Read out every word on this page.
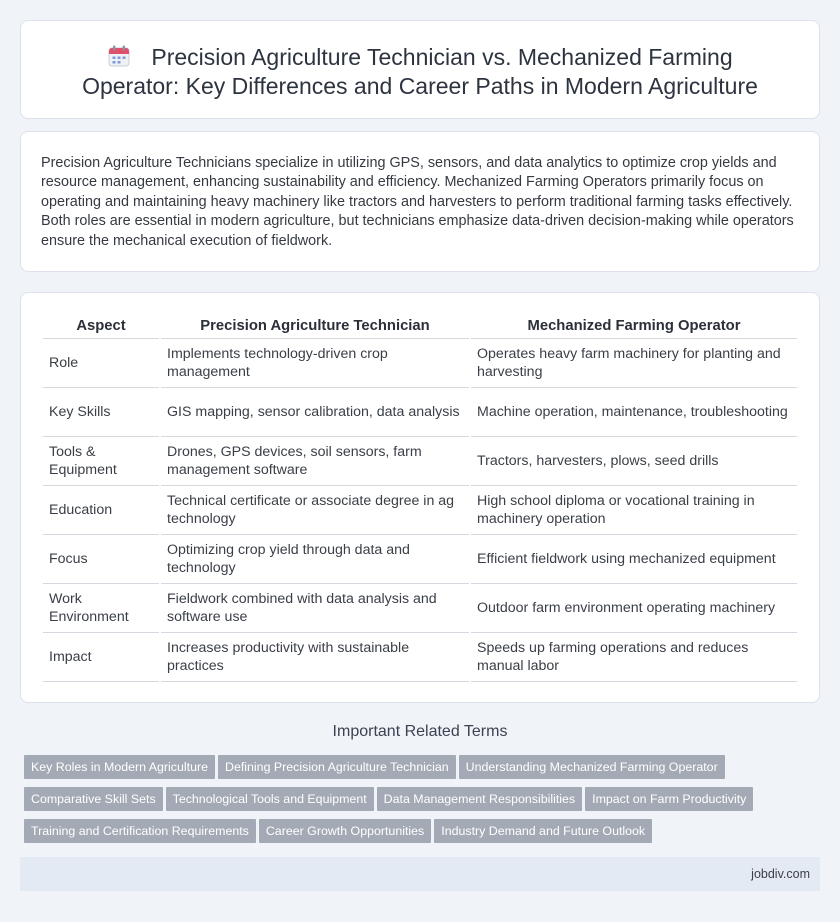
Precision Agriculture Technician vs. Mechanized Farming Operator: Key Differences and Career Paths in Modern Agriculture

Precision Agriculture Technicians specialize in utilizing GPS, sensors, and data analytics to optimize crop yields and resource management, enhancing sustainability and efficiency. Mechanized Farming Operators primarily focus on operating and maintaining heavy machinery like tractors and harvesters to perform traditional farming tasks effectively. Both roles are essential in modern agriculture, but technicians emphasize data-driven decision-making while operators ensure the mechanical execution of fieldwork.

Aspect	Precision Agriculture Technician	Mechanized Farming Operator
Role	Implements technology-driven crop management	Operates heavy farm machinery for planting and harvesting
Key Skills	GIS mapping, sensor calibration, data analysis	Machine operation, maintenance, troubleshooting
Tools & Equipment	Drones, GPS devices, soil sensors, farm management software	Tractors, harvesters, plows, seed drills
Education	Technical certificate or associate degree in ag technology	High school diploma or vocational training in machinery operation
Focus	Optimizing crop yield through data and technology	Efficient fieldwork using mechanized equipment
Work Environment	Fieldwork combined with data analysis and software use	Outdoor farm environment operating machinery
Impact	Increases productivity with sustainable practices	Speeds up farming operations and reduces manual labor
Important Related Terms
Key Roles in Modern Agriculture Defining Precision Agriculture Technician Understanding Mechanized Farming Operator
Comparative Skill Sets Technological Tools and Equipment Data Management Responsibilities Impact on Farm Productivity
Training and Certification Requirements Career Growth Opportunities Industry Demand and Future Outlook
jobdiv.com
